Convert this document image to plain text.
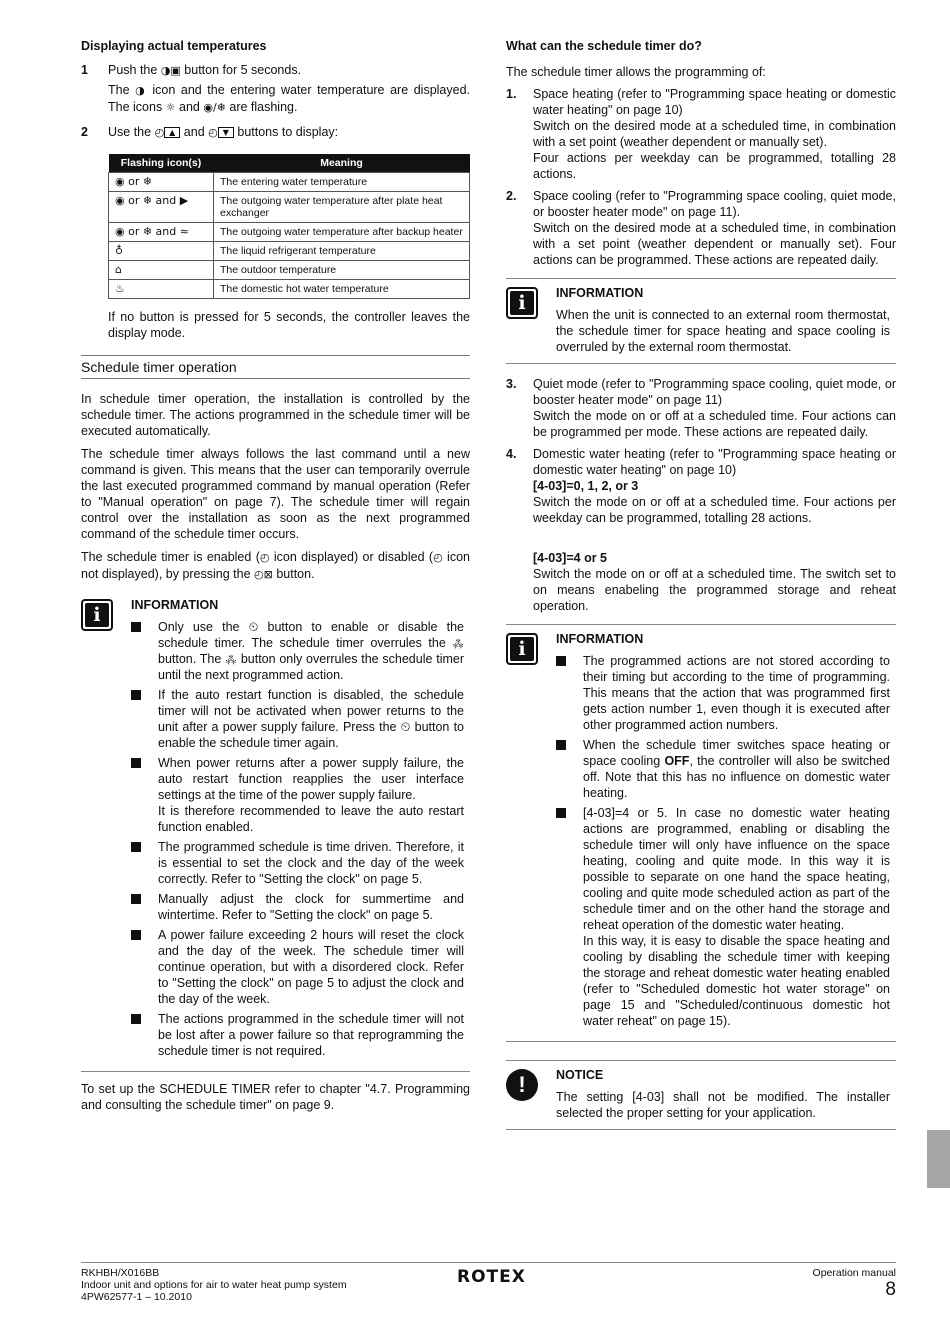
Displaying actual temperatures
1	Push the ◑▣ button for 5 seconds.
The ◑ icon and the entering water temperature are displayed. The icons ☼ and ◉/❄ are flashing.
2	Use the ◴ ▲ and ◴ ▼ buttons to display:
Flashing icon(s)	Meaning
◉ or ❄	The entering water temperature
◉ or ❄ and ▶	The outgoing water temperature after plate heat exchanger
◉ or ❄ and ≈	The outgoing water temperature after backup heater
♁	The liquid refrigerant temperature
⌂	The outdoor temperature
♨	The domestic hot water temperature

If no button is pressed for 5 seconds, the controller leaves the display mode.

Schedule timer operation

In schedule timer operation, the installation is controlled by the schedule timer. The actions programmed in the schedule timer will be executed automatically.

The schedule timer always follows the last command until a new command is given. This means that the user can temporarily overrule the last executed programmed command by manual operation (Refer to "Manual operation" on page 7). The schedule timer will regain control over the installation as soon as the next programmed command of the schedule timer occurs.

The schedule timer is enabled (◴ icon displayed) or disabled (◴ icon not displayed), by pressing the ◴⊠ button.

i	INFORMATION
Only use the ⏲ button to enable or disable the schedule timer. The schedule timer overrules the ⁂ button. The ⁂ button only overrules the schedule timer until the next programmed action.
If the auto restart function is disabled, the schedule timer will not be activated when power returns to the unit after a power supply failure. Press the ⏲ button to enable the schedule timer again.
When power returns after a power supply failure, the auto restart function reapplies the user interface settings at the time of the power supply failure.
It is therefore recommended to leave the auto restart function enabled.
The programmed schedule is time driven. Therefore, it is essential to set the clock and the day of the week correctly. Refer to "Setting the clock" on page 5.
Manually adjust the clock for summertime and wintertime. Refer to "Setting the clock" on page 5.
A power failure exceeding 2 hours will reset the clock and the day of the week. The schedule timer will continue operation, but with a disordered clock. Refer to "Setting the clock" on page 5 to adjust the clock and the day of the week.
The actions programmed in the schedule timer will not be lost after a power failure so that reprogramming the schedule timer is not required.

To set up the SCHEDULE TIMER refer to chapter "4.7. Programming and consulting the schedule timer" on page 9.

What can the schedule timer do?

The schedule timer allows the programming of:

1.	Space heating (refer to "Programming space heating or domestic water heating" on page 10)
Switch on the desired mode at a scheduled time, in combination with a set point (weather dependent or manually set).
Four actions per weekday can be programmed, totalling 28 actions.
2.	Space cooling (refer to "Programming space cooling, quiet mode, or booster heater mode" on page 11).
Switch on the desired mode at a scheduled time, in combination with a set point (weather dependent or manually set). Four actions can be programmed. These actions are repeated daily.
i	INFORMATION

When the unit is connected to an external room thermostat, the schedule timer for space heating and space cooling is overruled by the external room thermostat.

3.	Quiet mode (refer to "Programming space cooling, quiet mode, or booster heater mode" on page 11)
Switch the mode on or off at a scheduled time. Four actions can be programmed per mode. These actions are repeated daily.
4.	Domestic water heating (refer to "Programming space heating or domestic water heating" on page 10)
[4-03]=0, 1, 2, or 3
Switch the mode on or off at a scheduled time. Four actions per weekday can be programmed, totalling 28 actions.
[4-03]=4 or 5
Switch the mode on or off at a scheduled time. The switch set to on means enabeling the programmed storage and reheat operation.
i	INFORMATION
The programmed actions are not stored according to their timing but according to the time of programming. This means that the action that was programmed first gets action number 1, even though it is executed after other programmed action numbers.
When the schedule timer switches space heating or space cooling OFF, the controller will also be switched off. Note that this has no influence on domestic water heating.
[4-03]=4 or 5. In case no domestic water heating actions are programmed, enabling or disabling the schedule timer will only have influence on the space heating, cooling and quite mode. In this way it is possible to separate on one hand the space heating, cooling and quite mode scheduled action as part of the schedule timer and on the other hand the storage and reheat operation of the domestic water heating.
In this way, it is easy to disable the space heating and cooling by disabling the schedule timer with keeping the storage and reheat domestic water heating enabled (refer to "Scheduled domestic hot water storage" on page 15 and "Scheduled/continuous domestic hot water reheat" on page 15).
!	NOTICE

The setting [4-03] shall not be modified. The installer selected the proper setting for your application.

RKHBH/X016BB
Indoor unit and options for air to water heat pump system
4PW62577-1 – 10.2010
ROTEX	Operation manual
8
